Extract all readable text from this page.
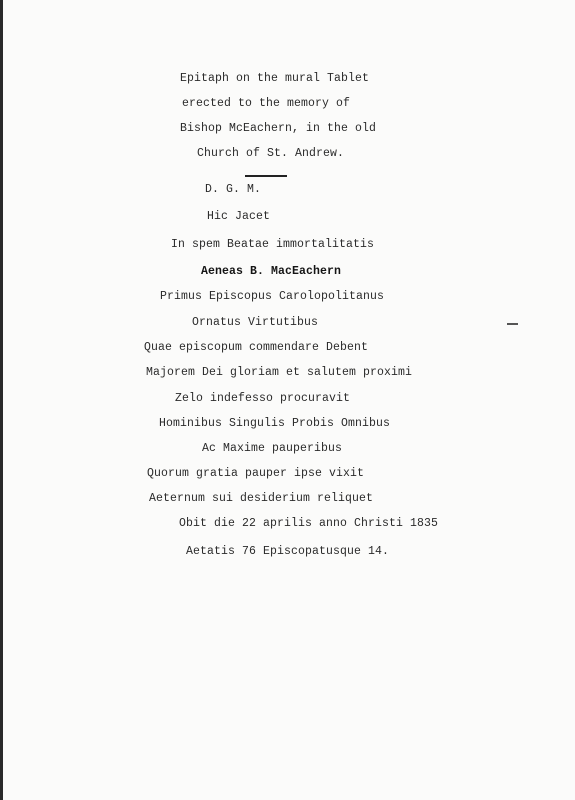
Epitaph on the mural Tablet
erected to the memory of
Bishop McEachern, in the old
Church of St. Andrew.
D. G. M.
Hic Jacet
In spem Beatae immortalitatis
Aeneas B. MacEachern
Primus Episcopus Carolopolitanus
Ornatus Virtutibus
Quae episcopum commendare Debent
Majorem Dei gloriam et salutem proximi
Zelo indefesso procuravit
Hominibus Singulis Probis Omnibus
Ac Maxime pauperibus
Quorum gratia pauper ipse vixit
Aeternum sui desiderium reliquet
Obit die 22 aprilis anno Christi 1835
Aetatis 76 Episcopatusque 14.
